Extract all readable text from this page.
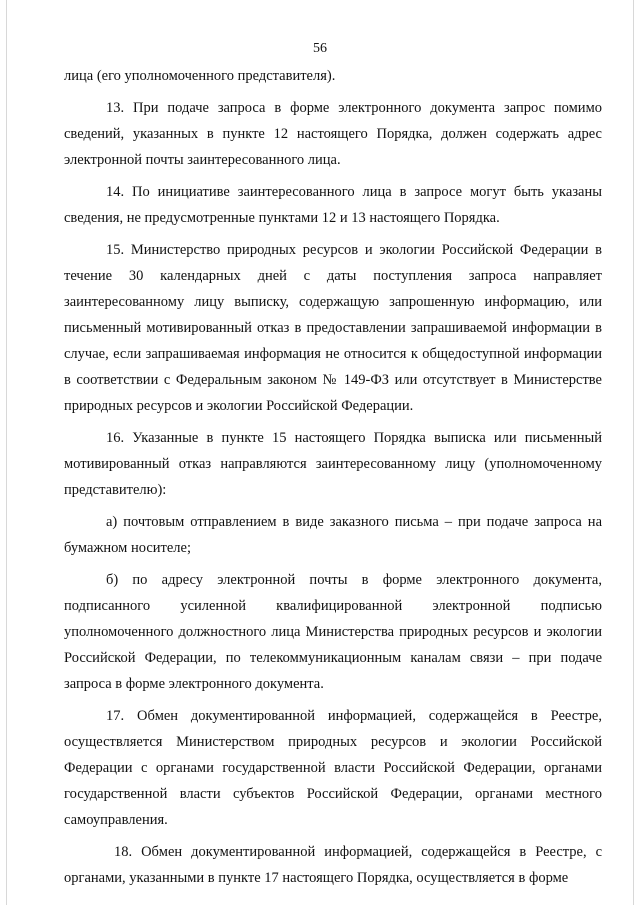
56

лица (его уполномоченного представителя).

13. При подаче запроса в форме электронного документа запрос помимо сведений, указанных в пункте 12 настоящего Порядка, должен содержать адрес электронной почты заинтересованного лица.

14. По инициативе заинтересованного лица в запросе могут быть указаны сведения, не предусмотренные пунктами 12 и 13 настоящего Порядка.

15. Министерство природных ресурсов и экологии Российской Федерации в течение 30 календарных дней с даты поступления запроса направляет заинтересованному лицу выписку, содержащую запрошенную информацию, или письменный мотивированный отказ в предоставлении запрашиваемой информации в случае, если запрашиваемая информация не относится к общедоступной информации в соответствии с Федеральным законом № 149-ФЗ или отсутствует в Министерстве природных ресурсов и экологии Российской Федерации.

16. Указанные в пункте 15 настоящего Порядка выписка или письменный мотивированный отказ направляются заинтересованному лицу (уполномоченному представителю):

а) почтовым отправлением в виде заказного письма – при подаче запроса на бумажном носителе;

б) по адресу электронной почты в форме электронного документа, подписанного усиленной квалифицированной электронной подписью уполномоченного должностного лица Министерства природных ресурсов и экологии Российской Федерации, по телекоммуникационным каналам связи – при подаче запроса в форме электронного документа.

17. Обмен документированной информацией, содержащейся в Реестре, осуществляется Министерством природных ресурсов и экологии Российской Федерации с органами государственной власти Российской Федерации, органами государственной власти субъектов Российской Федерации, органами местного самоуправления.

18. Обмен документированной информацией, содержащейся в Реестре, с органами, указанными в пункте 17 настоящего Порядка, осуществляется в форме
